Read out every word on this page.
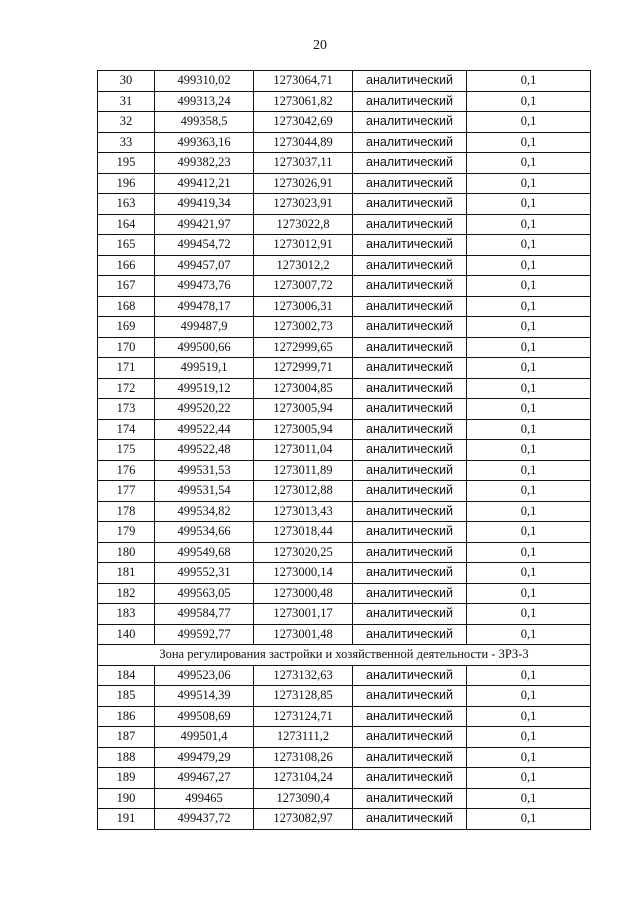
20
30	499310,02	1273064,71	аналитический	0,1
31	499313,24	1273061,82	аналитический	0,1
32	499358,5	1273042,69	аналитический	0,1
33	499363,16	1273044,89	аналитический	0,1
195	499382,23	1273037,11	аналитический	0,1
196	499412,21	1273026,91	аналитический	0,1
163	499419,34	1273023,91	аналитический	0,1
164	499421,97	1273022,8	аналитический	0,1
165	499454,72	1273012,91	аналитический	0,1
166	499457,07	1273012,2	аналитический	0,1
167	499473,76	1273007,72	аналитический	0,1
168	499478,17	1273006,31	аналитический	0,1
169	499487,9	1273002,73	аналитический	0,1
170	499500,66	1272999,65	аналитический	0,1
171	499519,1	1272999,71	аналитический	0,1
172	499519,12	1273004,85	аналитический	0,1
173	499520,22	1273005,94	аналитический	0,1
174	499522,44	1273005,94	аналитический	0,1
175	499522,48	1273011,04	аналитический	0,1
176	499531,53	1273011,89	аналитический	0,1
177	499531,54	1273012,88	аналитический	0,1
178	499534,82	1273013,43	аналитический	0,1
179	499534,66	1273018,44	аналитический	0,1
180	499549,68	1273020,25	аналитический	0,1
181	499552,31	1273000,14	аналитический	0,1
182	499563,05	1273000,48	аналитический	0,1
183	499584,77	1273001,17	аналитический	0,1
140	499592,77	1273001,48	аналитический	0,1
Зона регулирования застройки и хозяйственной деятельности - ЗРЗ-3				
184	499523,06	1273132,63	аналитический	0,1
185	499514,39	1273128,85	аналитический	0,1
186	499508,69	1273124,71	аналитический	0,1
187	499501,4	1273111,2	аналитический	0,1
188	499479,29	1273108,26	аналитический	0,1
189	499467,27	1273104,24	аналитический	0,1
190	499465	1273090,4	аналитический	0,1
191	499437,72	1273082,97	аналитический	0,1
